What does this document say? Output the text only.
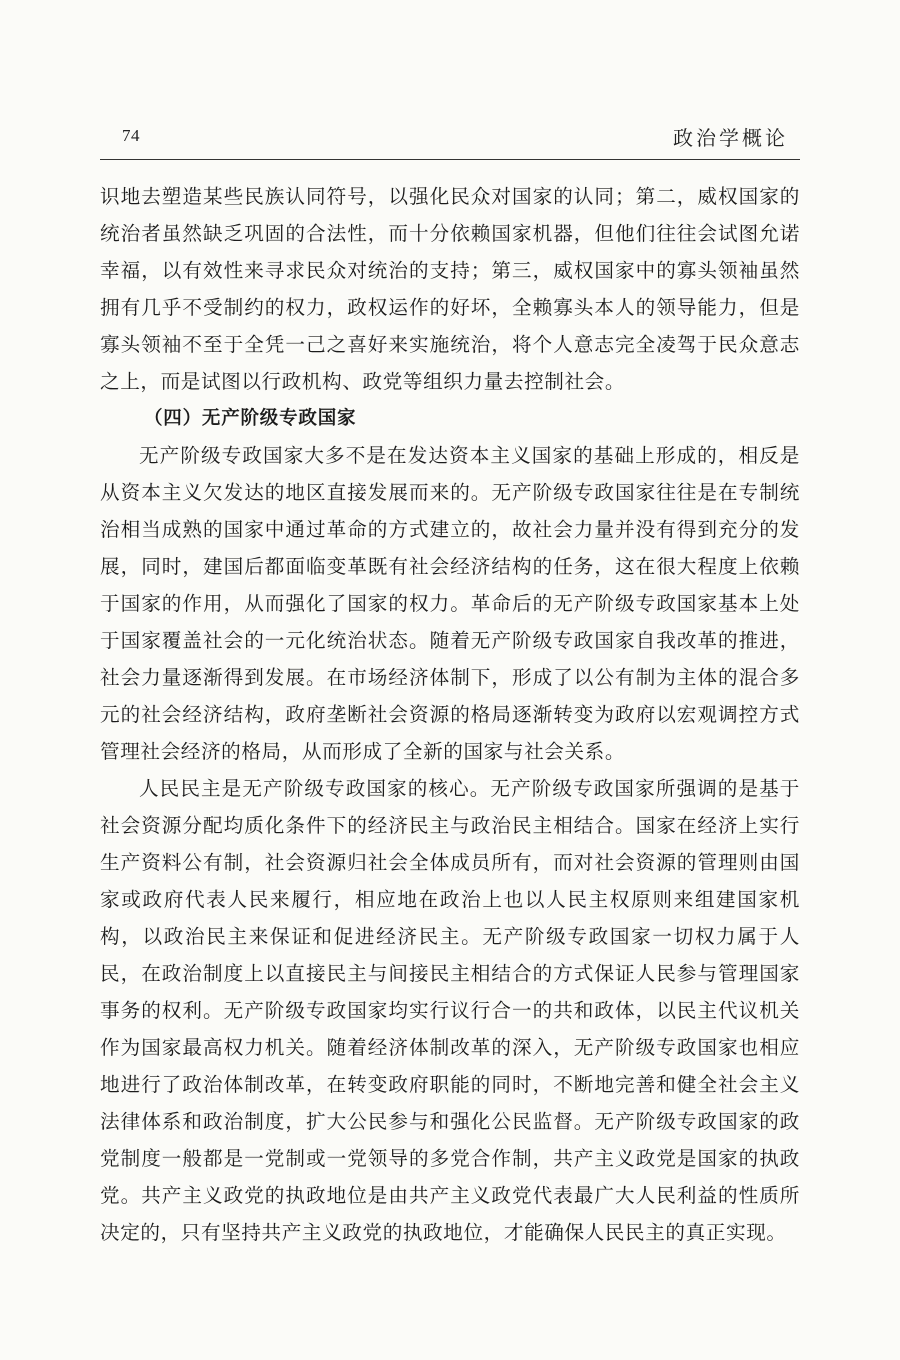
74	政治学概论

识地去塑造某些民族认同符号，以强化民众对国家的认同；第二，威权国家的统治者虽然缺乏巩固的合法性，而十分依赖国家机器，但他们往往会试图允诺幸福，以有效性来寻求民众对统治的支持；第三，威权国家中的寡头领袖虽然拥有几乎不受制约的权力，政权运作的好坏，全赖寡头本人的领导能力，但是寡头领袖不至于全凭一己之喜好来实施统治，将个人意志完全凌驾于民众意志之上，而是试图以行政机构、政党等组织力量去控制社会。

（四）无产阶级专政国家

无产阶级专政国家大多不是在发达资本主义国家的基础上形成的，相反是从资本主义欠发达的地区直接发展而来的。无产阶级专政国家往往是在专制统治相当成熟的国家中通过革命的方式建立的，故社会力量并没有得到充分的发展，同时，建国后都面临变革既有社会经济结构的任务，这在很大程度上依赖于国家的作用，从而强化了国家的权力。革命后的无产阶级专政国家基本上处于国家覆盖社会的一元化统治状态。随着无产阶级专政国家自我改革的推进，社会力量逐渐得到发展。在市场经济体制下，形成了以公有制为主体的混合多元的社会经济结构，政府垄断社会资源的格局逐渐转变为政府以宏观调控方式管理社会经济的格局，从而形成了全新的国家与社会关系。

人民民主是无产阶级专政国家的核心。无产阶级专政国家所强调的是基于社会资源分配均质化条件下的经济民主与政治民主相结合。国家在经济上实行生产资料公有制，社会资源归社会全体成员所有，而对社会资源的管理则由国家或政府代表人民来履行，相应地在政治上也以人民主权原则来组建国家机构，以政治民主来保证和促进经济民主。无产阶级专政国家一切权力属于人民，在政治制度上以直接民主与间接民主相结合的方式保证人民参与管理国家事务的权利。无产阶级专政国家均实行议行合一的共和政体，以民主代议机关作为国家最高权力机关。随着经济体制改革的深入，无产阶级专政国家也相应地进行了政治体制改革，在转变政府职能的同时，不断地完善和健全社会主义法律体系和政治制度，扩大公民参与和强化公民监督。无产阶级专政国家的政党制度一般都是一党制或一党领导的多党合作制，共产主义政党是国家的执政党。共产主义政党的执政地位是由共产主义政党代表最广大人民利益的性质所决定的，只有坚持共产主义政党的执政地位，才能确保人民民主的真正实现。
